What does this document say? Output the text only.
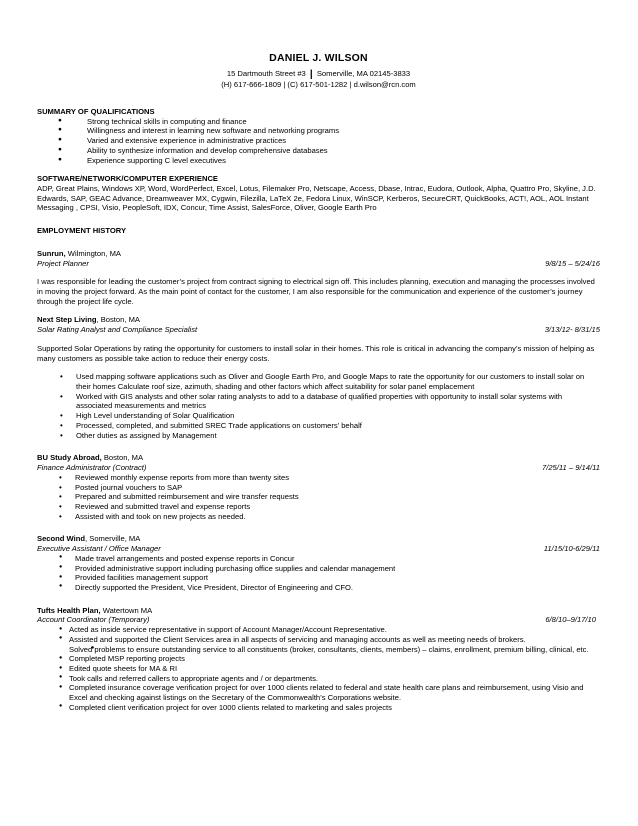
DANIEL J. WILSON
15 Dartmouth Street #3 | Somerville, MA 02145-3833
(H) 617-666-1809 | (C) 617-501-1282 | d.wilson@rcn.com
SUMMARY OF QUALIFICATIONS
● Strong technical skills in computing and finance
● Willingness and interest in learning new software and networking programs
● Varied and extensive experience in administrative practices
● Ability to synthesize information and develop comprehensive databases
● Experience supporting C level executives
SOFTWARE/NETWORK/COMPUTER EXPERIENCE
ADP, Great Plains, Windows XP, Word, WordPerfect, Excel, Lotus, Filemaker Pro, Netscape, Access, Dbase, Intrac, Eudora, Outlook, Alpha, Quattro Pro, Skyline, J.D. Edwards, SAP, GEAC Advance, Dreamweaver MX, Cygwin, Filezilla, LaTeX 2e, Fedora Linux, WinSCP, Kerberos, SecureCRT, QuickBooks, ACT!, AOL, AOL Instant Messaging , CPSI, Visio, PeopleSoft, IDX, Concur, Time Assist, SalesForce, Oliver, Google Earth Pro
EMPLOYMENT HISTORY
Sunrun, Wilmington, MA
Project Planner	9/8/15 – 5/24/16
I was responsible for leading the customer’s project from contract signing to electrical sign off. This includes planning, execution and managing the processes involved in moving the project forward. As the main point of contact for the customer, I am also responsible for the communication and experience of the customer’s journey through the project life cycle.
Next Step Living, Boston, MA
Solar Rating Analyst and Compliance Specialist	3/13/12- 8/31/15
Supported Solar Operations by rating the opportunity for customers to install solar in their homes. This role is critical in advancing the company’s mission of helping as many customers as possible take action to reduce their energy costs.
• Used mapping software applications such as Oliver and Google Earth Pro, and Google Maps to rate the opportunity for our customers to install solar on their homes Calculate roof size, azimuth, shading and other factors which affect suitability for solar panel emplacement
• Worked with GIS analysts and other solar rating analysts to add to a database of qualified properties with opportunity to install solar systems with associated measurements and metrics
• High Level understanding of Solar Qualification
• Processed, completed, and submitted SREC Trade applications on customers’ behalf
• Other duties as assigned by Management
BU Study Abroad, Boston, MA
Finance Administrator (Contract)	7/25/11 – 9/14/11
• Reviewed monthly expense reports from more than twenty sites
• Posted journal vouchers to SAP
• Prepared and submitted reimbursement and wire transfer requests
• Reviewed and submitted travel and expense reports
• Assisted with and took on new projects as needed.
Second Wind, Somerville, MA
Executive Assistant / Office Manager	11/15/10-6/29/11
● Made travel arrangements and posted expense reports in Concur
● Provided administrative support including purchasing office supplies and calendar management
● Provided facilities management support
● Directly supported the President, Vice President, Director of Engineering and CFO.
Tufts Health Plan, Watertown MA
Account Coordinator (Temporary)	6/8/10–9/17/10
● Acted as inside service representative in support of Account Manager/Account Representative.
● Assisted and supported the Client Services area in all aspects of servicing and managing accounts as well as meeting needs of brokers.
● Solved problems to ensure outstanding service to all constituents (broker, consultants, clients, members) – claims, enrollment, premium billing, clinical, etc.
● Completed MSP reporting projects
● Edited quote sheets for MA & RI
● Took calls and referred callers to appropriate agents and / or departments.
● Completed insurance coverage verification project for over 1000 clients related to federal and state health care plans and reimbursement, using Visio and Excel and checking against listings on the Secretary of the Commonwealth’s Corporations website.
● Completed client verification project for over 1000 clients related to marketing and sales projects
